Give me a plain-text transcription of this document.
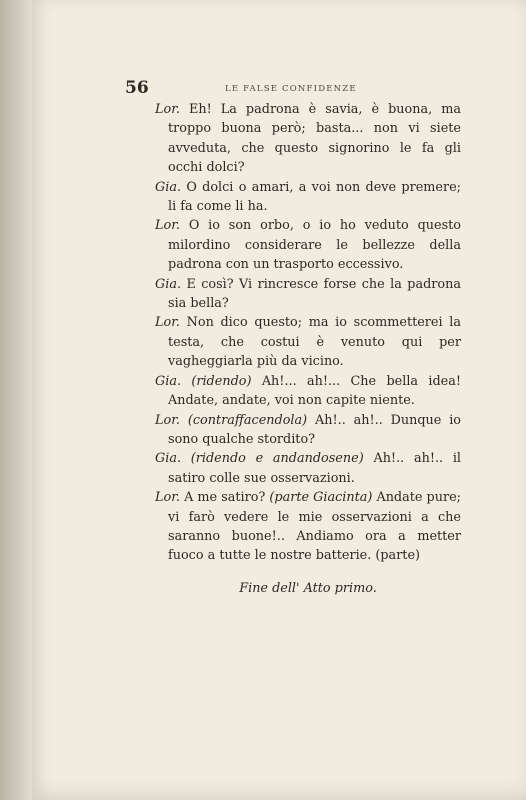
56	LE FALSE CONFIDENZE

Lor. Eh! La padrona è savia, è buona, ma troppo buona però; basta... non vi siete avveduta, che questo signorino le fa gli occhi dolci?

Gia. O dolci o amari, a voi non deve premere; li fa come li ha.

Lor. O io son orbo, o io ho veduto questo milordino considerare le bellezze della padrona con un trasporto eccessivo.

Gia. E così? Vi rincresce forse che la padrona sia bella?

Lor. Non dico questo; ma io scommetterei la testa, che costui è venuto qui per vagheggiarla più da vicino.

Gia. (ridendo) Ah!... ah!... Che bella idea! Andate, andate, voi non capite niente.

Lor. (contraffacendola) Ah!.. ah!.. Dunque io sono qualche stordito?

Gia. (ridendo e andandosene) Ah!.. ah!.. il satiro colle sue osservazioni.

Lor. A me satiro? (parte Giacinta) Andate pure; vi farò vedere le mie osservazioni a che saranno buone!.. Andiamo ora a metter fuoco a tutte le nostre batterie. (parte)

Fine dell' Atto primo.
